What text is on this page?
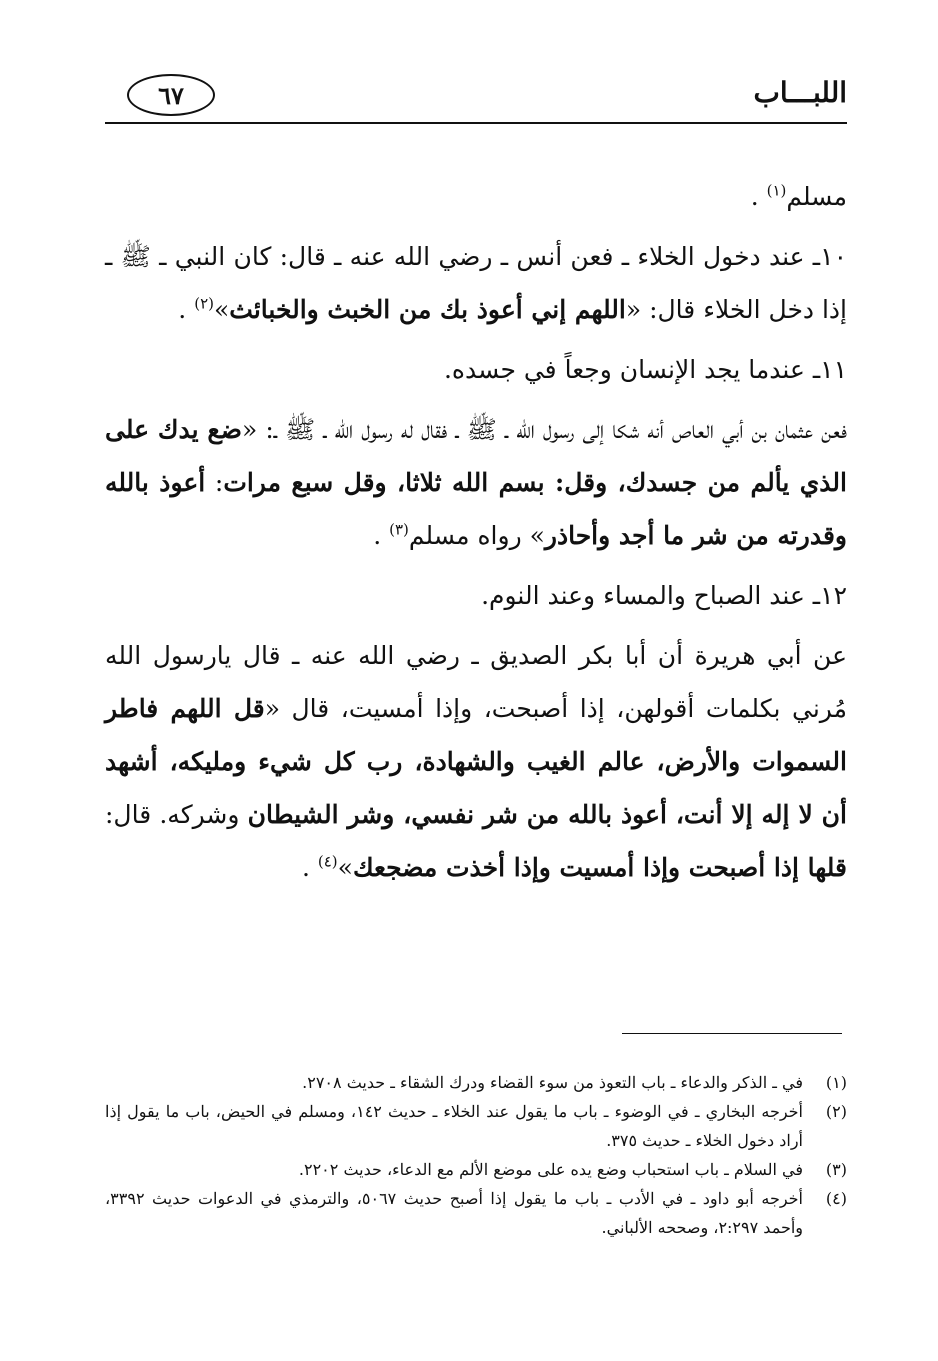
اللبـــاب
٦٧

مسلم$^{(١)}$ .

١٠ـ عند دخول الخلاء ـ فعن أنس ـ رضي الله عنه ـ قال: كان النبي ـ ﷺ ـ إذا دخل الخلاء قال: «اللهم إني أعوذ بك من الخبث والخبائث»$^{(٢)}$ .

١١ـ عندما يجد الإنسان وجعاً في جسده.

فعن عثمان بن أبي العاص أنه شكا إلى رسول الله ـ ﷺ ـ فقال له رسول الله ـ ﷺ ـ: «ضع يدك على الذي يألم من جسدك، وقل: بسم الله ثلاثا، وقل سبع مرات: أعوذ بالله وقدرته من شر ما أجد وأحاذر» رواه مسلم$^{(٣)}$ .

١٢ـ عند الصباح والمساء وعند النوم.

عن أبي هريرة أن أبا بكر الصديق ـ رضي الله عنه ـ قال يارسول الله مُرني بكلمات أقولهن، إذا أصبحت، وإذا أمسيت، قال «قل اللهم فاطر السموات والأرض، عالم الغيب والشهادة، رب كل شيء ومليكه، أشهد أن لا إله إلا أنت، أعوذ بالله من شر نفسي، وشر الشيطان وشركه. قال: قلها إذا أصبحت وإذا أمسيت وإذا أخذت مضجعك»$^{(٤)}$ .

(١)
في ـ الذكر والدعاء ـ باب التعوذ من سوء القضاء ودرك الشقاء ـ حديث ٢٧٠٨.
(٢)
أخرجه البخاري ـ في الوضوء ـ باب ما يقول عند الخلاء ـ حديث ١٤٢، ومسلم في الحيض، باب ما يقول إذا أراد دخول الخلاء ـ حديث ٣٧٥.
(٣)
في السلام ـ باب استحباب وضع يده على موضع الألم مع الدعاء، حديث ٢٢٠٢.
(٤)
أخرجه أبو داود ـ في الأدب ـ باب ما يقول إذا أصبح حديث ٥٠٦٧، والترمذي في الدعوات حديث ٣٣٩٢، وأحمد ٢:٢٩٧، وصححه الألباني.
